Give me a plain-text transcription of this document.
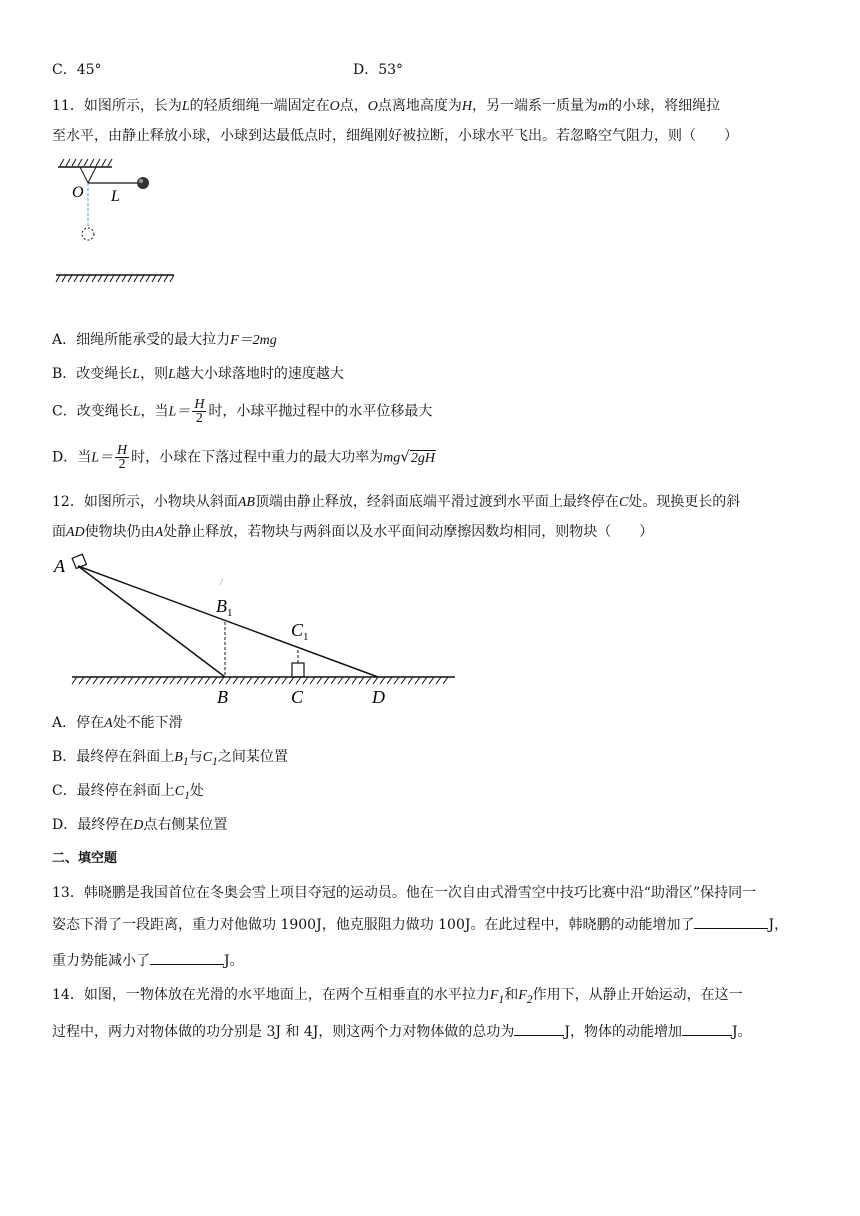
C．45°	D．53°
11．如图所示，长为L的轻质细绳一端固定在O点，O点离地高度为H，另一端系一质量为m的小球，将细绳拉
至水平，由静止释放小球，小球到达最低点时，细绳刚好被拉断，小球水平飞出。若忽略空气阻力，则（　　）
O L
A．细绳所能承受的最大拉力F＝2mg
B．改变绳长L，则L越大小球落地时的速度越大
C．改变绳长L，当$L= \frac{H}{2}$ 时，小球平抛过程中的水平位移最大
D．当$L= \frac{H}{2}$ 时，小球在下落过程中重力的最大功率为mg√2gH
12．如图所示，小物块从斜面AB顶端由静止释放，经斜面底端平滑过渡到水平面上最终停在C处。现换更长的斜
面AD使物块仍由A处静止释放，若物块与两斜面以及水平面间动摩擦因数均相同，则物块（　　）
A
/
$B_1$
$C_1$
B	C	D
A．停在A处不能下滑
B．最终停在斜面上$B_1$与$C_1$之间某位置
C．最终停在斜面上$C_1$处
D．最终停在D点右侧某位置
二、填空题
13．韩晓鹏是我国首位在冬奥会雪上项目夺冠的运动员。他在一次自由式滑雪空中技巧比赛中沿“助滑区”保持同一
姿态下滑了一段距离，重力对他做功 1900J，他克服阻力做功 100J。在此过程中，韩晓鹏的动能增加了	J，
重力势能减小了	J。
14．如图，一物体放在光滑的水平地面上，在两个互相垂直的水平拉力$F_1$和$F_2$作用下，从静止开始运动，在这一
过程中，两力对物体做的功分别是 3J 和 4J，则这两个力对物体做的总功为	J，物体的动能增加	J。
